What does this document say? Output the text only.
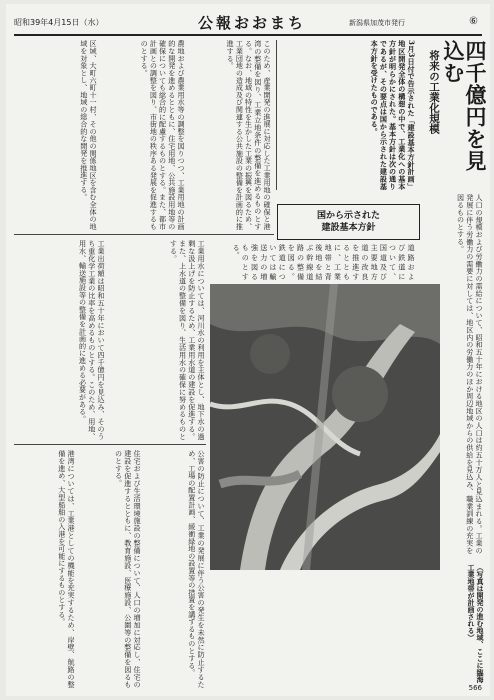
昭和39年4月15日（水）	公報おおまち	新潟県加茂市発行	⑥
四千億円を見込む
将来の工業化規模
3月3日付で告示された「建設基本方針計画」地区開発全体の構想の中で、工業化への基本方針が明らかにされた。基本方針は次の通りであるが、その要点は国から示された建設基本方針を受けたものである。
区域、大町六町十一村、その他の関係地区を含む全体の地域を対象とし、地域の総合的な開発を推進する。	農地および農業用水等の調整を図りつつ、工業用地の計画的な開発を進めるとともに、住宅用地、公共施設用地等の確保についても総合的に配慮するものとする。また、都市計画との調整を図り、市街地の秩序ある発展を促進するものとする。	このため、産業開発の進展に対応した工業用地の確保と港湾の整備を図り、工業立地条件の整備を進めるものとする。なお、地域の特性を生かした工業の振興を図るため、工業団地の造成及び関連する公共施設の整備を計画的に推進する。
国から示された
建設基本方針	人口の規模および労働力の需給について、昭和五十年における地区の人口は約五十万人と見込まれる。工業の発展に伴う労働力の需要に対しては、地区内の労働力のほか周辺地域からの供給を見込み、職業訓練の充実を図るものとする。
工業出荷額は昭和五十年において四千億円を見込み、そのうち重化学工業の比率を高めるものとする。このため、用地、用水、輸送施設等の整備を計画的に進める必要がある。	工業用水については、河川水の利用を主体とし、地下水の過剰な汲上げを防止するため、工業用水道の建設を促進する。また、上水道の整備を図り、生活用水の確保に努めるものとする。	道路および鉄道について、国道及び主要地方道の改良を推進するとともに、工業地帯と背後地を結ぶ幹線道路の整備を図る。鉄道については輸送力の増強を図るものとする。
港湾については、工業港としての機能を充実するため、岸壁、航路の整備を進め、大型船舶の入港を可能にするものとする。	住宅および生活環境施設の整備について、人口の増加に対応し、住宅の建設を促進するとともに、教育施設、医療施設、公園等の整備を図るものとする。	公害の防止について、工業の発展に伴う公害の発生を未然に防止するため、工場の配置計画、緩衝緑地の設置等の措置を講ずるものとする。	（写真は開発の進む地域、ここに臨海工業地帯が計画される）
566
